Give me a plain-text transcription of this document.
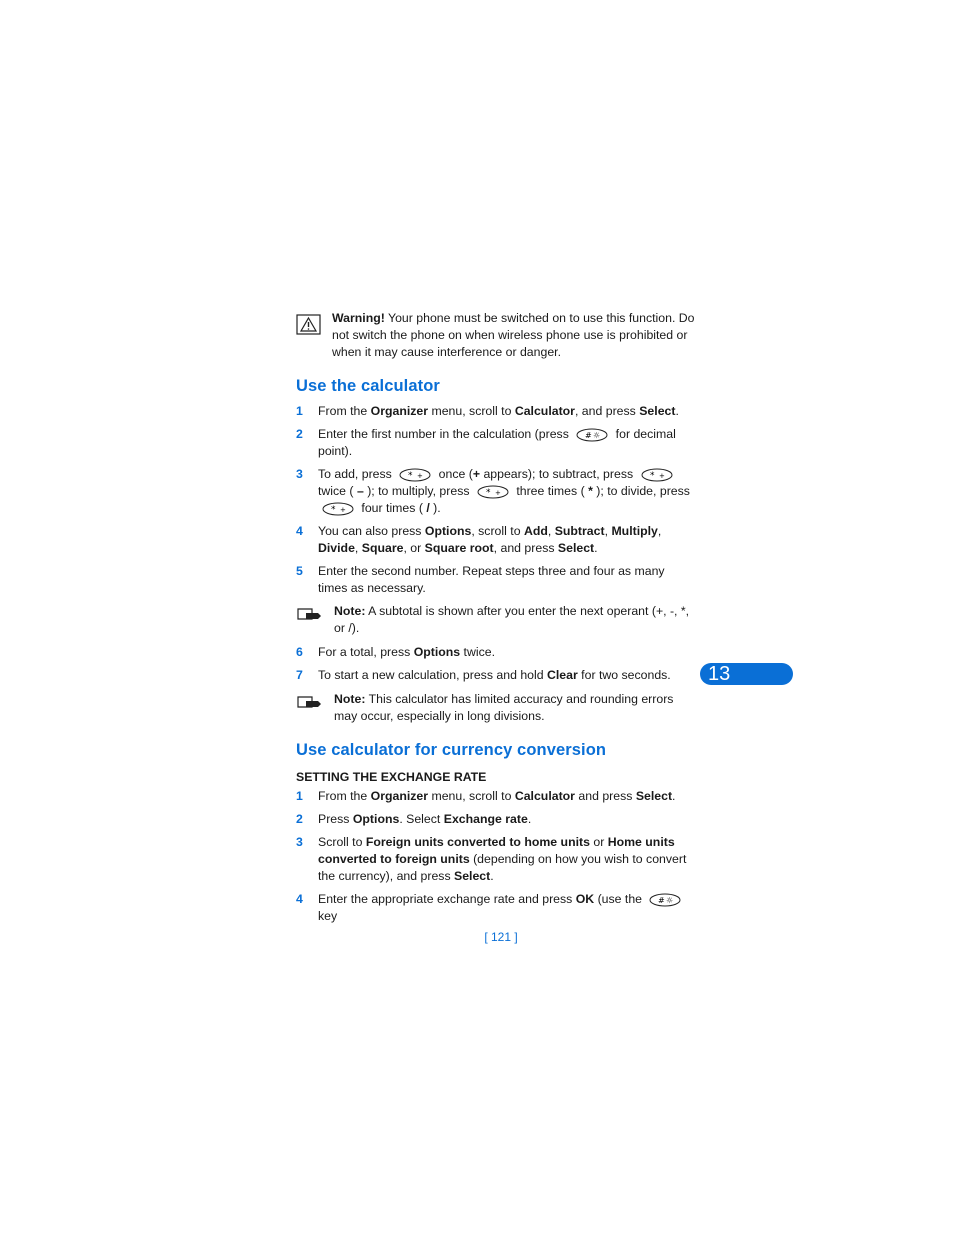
Warning! Your phone must be switched on to use this function. Do not switch the phone on when wireless phone use is prohibited or when it may cause interference or danger.
Use the calculator
1	From the Organizer menu, scroll to Calculator, and press Select.
2	Enter the first number in the calculation (press # ☼ for decimal point).
3	To add, press * + once (+ appears); to subtract, press * +
twice ( – ); to multiply, press * + three times ( * ); to divide, press
* + four times ( / ).
4	You can also press Options, scroll to Add, Subtract, Multiply, Divide, Square, or Square root, and press Select.
5	Enter the second number. Repeat steps three and four as many times as necessary.
Note: A subtotal is shown after you enter the next operant (+, -, *, or /).
6	For a total, press Options twice.
7	To start a new calculation, press and hold Clear for two seconds.
Note: This calculator has limited accuracy and rounding errors may occur, especially in long divisions.
Use calculator for currency conversion
SETTING THE EXCHANGE RATE
1	From the Organizer menu, scroll to Calculator and press Select.
2	Press Options. Select Exchange rate.
3	Scroll to Foreign units converted to home units or Home units converted to foreign units (depending on how you wish to convert the currency), and press Select.
4	Enter the appropriate exchange rate and press OK (use the # ☼
key
13
[ 121 ]
